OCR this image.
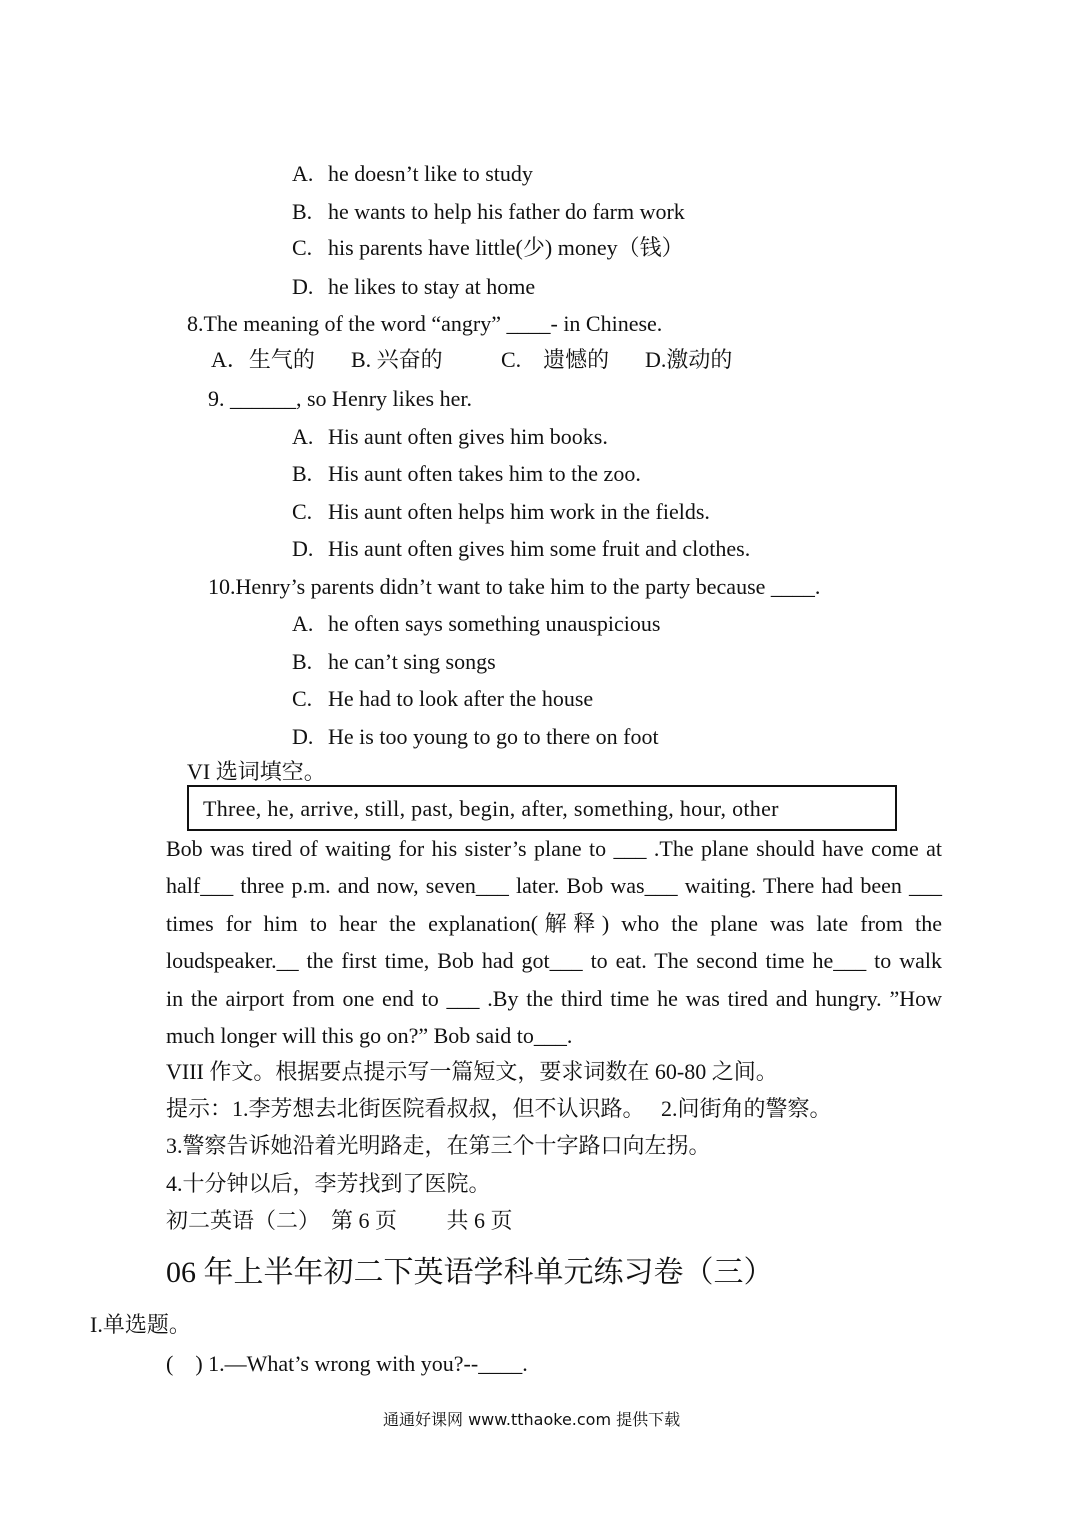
A. he doesn’t like to study
B. he wants to help his father do farm work
C. his parents have little(少) money（钱）
D. he likes to stay at home
8.The meaning of the word “angry” ____- in Chinese.
A．生气的 B. 兴奋的	C.　遗憾的 D.激动的
9. ______, so Henry likes her.
A. His aunt often gives him books.
B. His aunt often takes him to the zoo.
C. His aunt often helps him work in the fields.
D. His aunt often gives him some fruit and clothes.
10.Henry’s parents didn’t want to take him to the party because ____.
A. he often says something unauspicious
B. he can’t sing songs
C. He had to look after the house
D. He is too young to go to there on foot
VI 选词填空。
Three, he, arrive, still, past, begin, after, something, hour, other
Bob was tired of waiting for his sister’s plane to ___ .The plane should have come at
half___ three p.m. and now, seven___ later. Bob was___ waiting. There had been ___
times for him to hear the explanation(解释) who the plane was late from the
loudspeaker.__ the first time, Bob had got___ to eat. The second time he___ to walk
in the airport from one end to ___ .By the third time he was tired and hungry. ”How
much longer will this go on?” Bob said to___.
VIII 作文。根据要点提示写一篇短文，要求词数在 60-80 之间。
提示：1.李芳想去北街医院看叔叔，但不认识路。　 2.问街角的警察。
3.警察告诉她沿着光明路走，在第三个十字路口向左拐。
4.十分钟以后，李芳找到了医院。
初二英语（二）　第 6 页　　 共 6 页
06 年上半年初二下英语学科单元练习卷（三）
I.单选题。
(　) 1.—What’s wrong with you?--____.
通通好课网 www.tthaoke.com 提供下载
